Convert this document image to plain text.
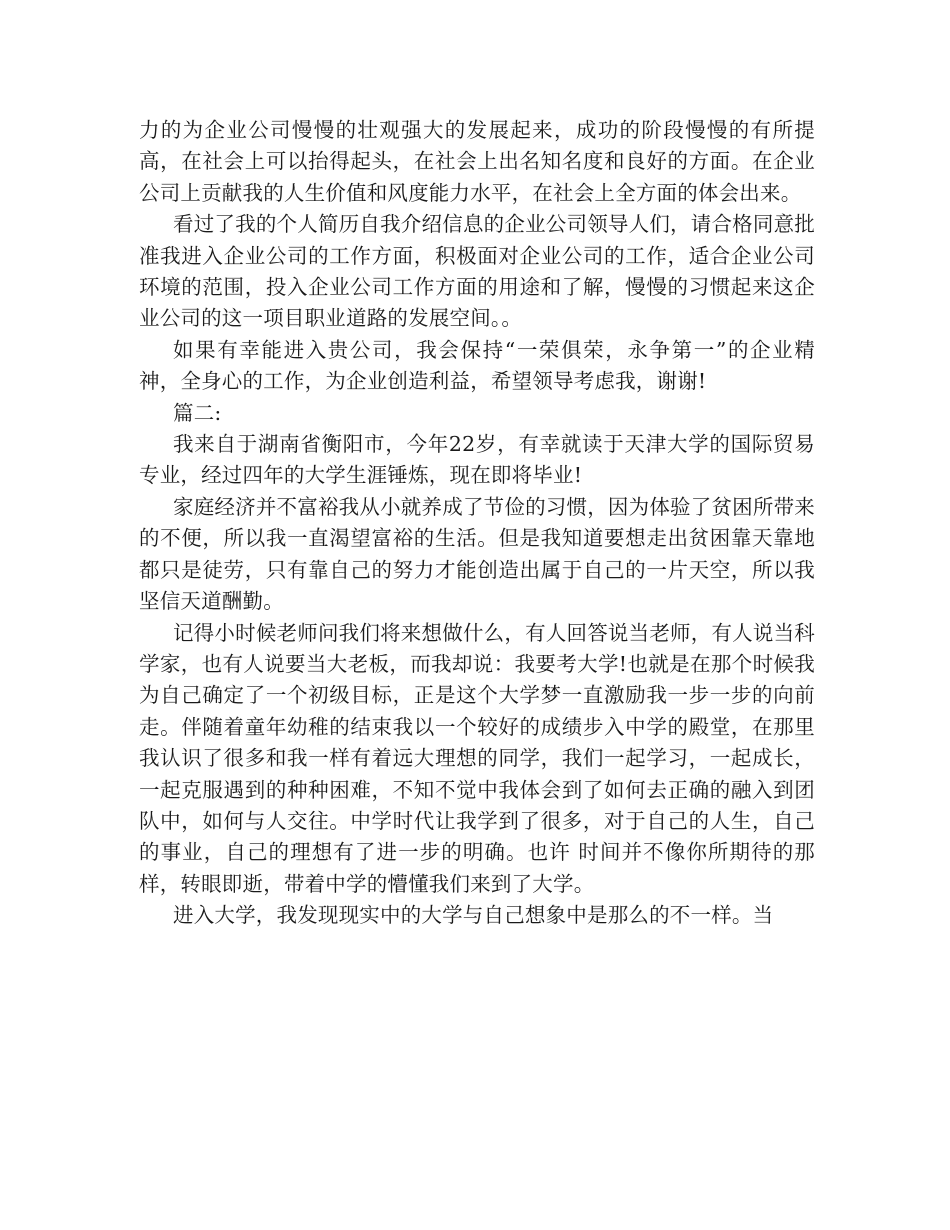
力的为企业公司慢慢的壮观强大的发展起来，成功的阶段慢慢的有所提高，在社会上可以抬得起头，在社会上出名知名度和良好的方面。在企业公司上贡献我的人生价值和风度能力水平，在社会上全方面的体会出来。

看过了我的个人简历自我介绍信息的企业公司领导人们，请合格同意批准我进入企业公司的工作方面，积极面对企业公司的工作，适合企业公司环境的范围，投入企业公司工作方面的用途和了解，慢慢的习惯起来这企业公司的这一项目职业道路的发展空间。。

如果有幸能进入贵公司，我会保持“一荣俱荣，永争第一”的企业精神，全身心的工作，为企业创造利益，希望领导考虑我，谢谢!

篇二:

我来自于湖南省衡阳市，今年22岁，有幸就读于天津大学的国际贸易专业，经过四年的大学生涯锤炼，现在即将毕业!

家庭经济并不富裕我从小就养成了节俭的习惯，因为体验了贫困所带来的不便，所以我一直渴望富裕的生活。但是我知道要想走出贫困靠天靠地都只是徒劳，只有靠自己的努力才能创造出属于自己的一片天空，所以我坚信天道酬勤。

记得小时候老师问我们将来想做什么，有人回答说当老师，有人说当科学家，也有人说要当大老板，而我却说：我要考大学!也就是在那个时候我为自己确定了一个初级目标，正是这个大学梦一直激励我一步一步的向前走。伴随着童年幼稚的结束我以一个较好的成绩步入中学的殿堂，在那里我认识了很多和我一样有着远大理想的同学，我们一起学习，一起成长，一起克服遇到的种种困难，不知不觉中我体会到了如何去正确的融入到团队中，如何与人交往。中学时代让我学到了很多，对于自己的人生，自己的事业，自己的理想有了进一步的明确。也许 时间并不像你所期待的那样，转眼即逝，带着中学的懵懂我们来到了大学。

进入大学，我发现现实中的大学与自己想象中是那么的不一样。当
